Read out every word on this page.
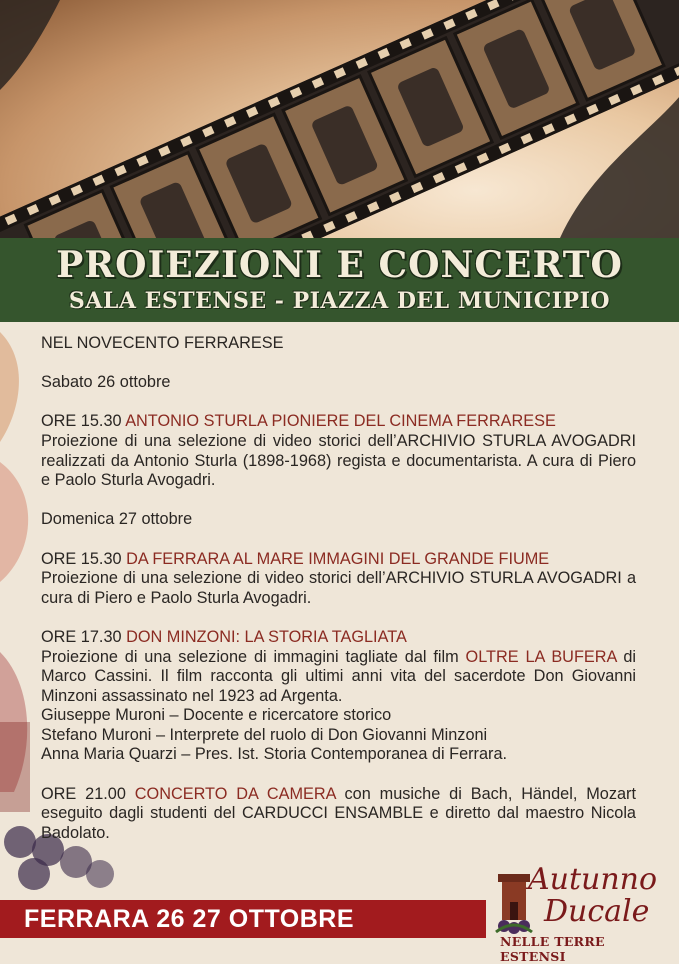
PROIEZIONI E CONCERTO
SALA ESTENSE - PIAZZA DEL MUNICIPIO

NEL NOVECENTO FERRARESE

Sabato 26 ottobre

ORE 15.30 ANTONIO STURLA PIONIERE DEL CINEMA FERRARESE

Proiezione di una selezione di video storici dell’ARCHIVIO STURLA AVOGADRI realizzati da Antonio Sturla (1898-1968) regista e documentarista. A cura di Piero e Paolo Sturla Avogadri.

Domenica 27 ottobre

ORE 15.30 DA FERRARA AL MARE IMMAGINI DEL GRANDE FIUME

Proiezione di una selezione di video storici dell’ARCHIVIO STURLA AVOGADRI a cura di Piero e Paolo Sturla Avogadri.

ORE 17.30 DON MINZONI: LA STORIA TAGLIATA

Proiezione di una selezione di immagini tagliate dal film OLTRE LA BUFERA di Marco Cassini. Il film racconta gli ultimi anni vita del sacerdote Don Giovanni Minzoni assassinato nel 1923 ad Argenta.

Giuseppe Muroni – Docente e ricercatore storico

Stefano Muroni – Interprete del ruolo di Don Giovanni Minzoni

Anna Maria Quarzi – Pres. Ist. Storia Contemporanea di Ferrara.

ORE 21.00 CONCERTO DA CAMERA con musiche di Bach, Händel, Mozart eseguito dagli studenti del CARDUCCI ENSAMBLE e diretto dal maestro Nicola Badolato.

FERRARA 26 27 OTTOBRE
Autunno
Ducale
NELLE TERRE ESTENSI
